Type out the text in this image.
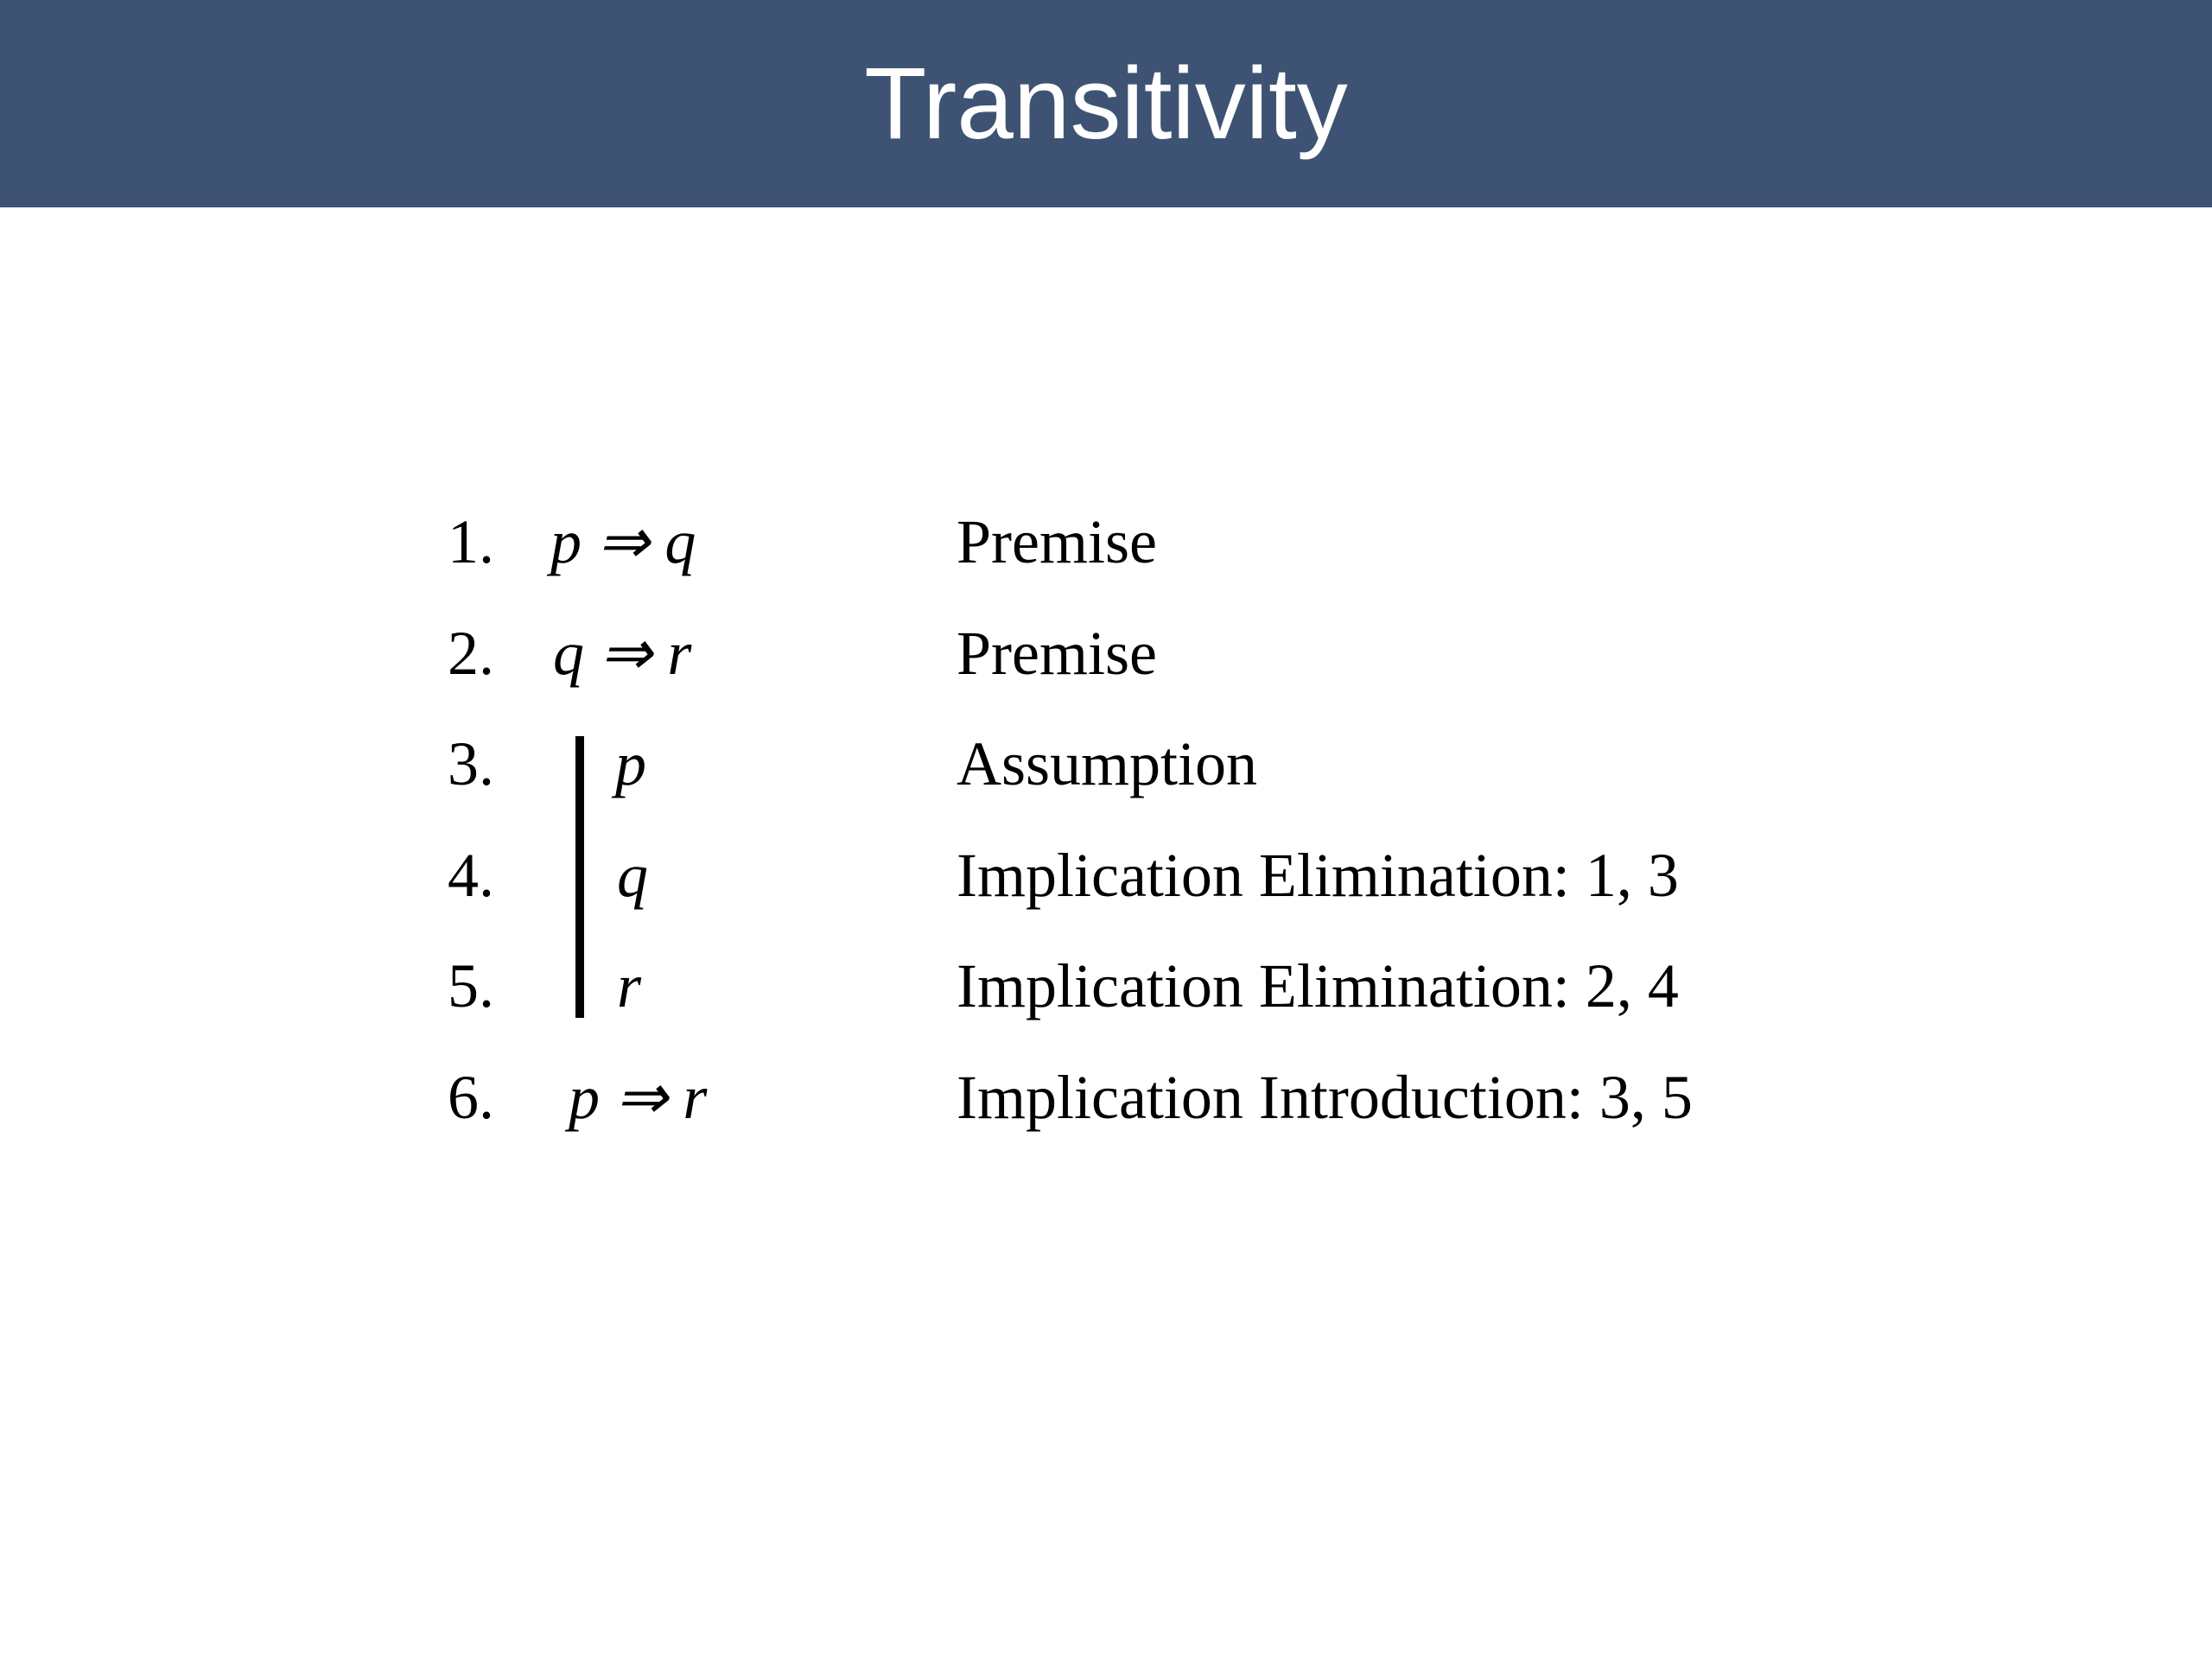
Transitivity
1. p ⇒ q	Premise
2. q ⇒ r	Premise
3. p	Assumption
4. q	Implication Elimination: 1, 3
5. r	Implication Elimination: 2, 4
6. p ⇒ r	Implication Introduction: 3, 5
